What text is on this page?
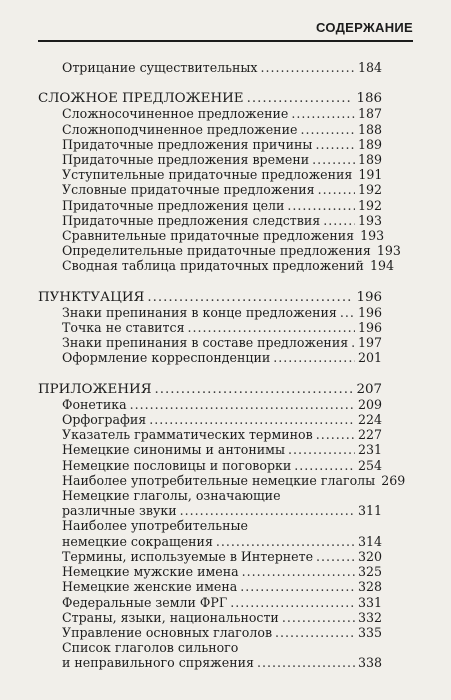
СОДЕРЖАНИЕ
Отрицание существительных .....	184
СЛОЖНОЕ ПРЕДЛОЖЕНИЕ .....	186
Сложносочиненное предложение .....	187
Сложноподчиненное предложение .....	188
Придаточные предложения причины .....	189
Придаточные предложения времени .....	189
Уступительные придаточные предложения 191
Условные придаточные предложения .....	192
Придаточные предложения цели .....	192
Придаточные предложения следствия .....	193
Сравнительные придаточные предложения 193
Определительные придаточные предложения 193
Сводная таблица придаточных предложений 194
ПУНКТУАЦИЯ .....	196
Знаки препинания в конце предложения ..... 196
Точка не ставится .....	196
Знаки препинания в составе предложения ..... 197
Оформление корреспонденции .....	201
ПРИЛОЖЕНИЯ .....	207
Фонетика .....	209
Орфография .....	224
Указатель грамматических терминов .....	227
Немецкие синонимы и антонимы .....	231
Немецкие пословицы и поговорки .....	254
Наиболее употребительные немецкие глаголы 269
Немецкие глаголы, означающие
различные звуки .....	311
Наиболее употребительные
немецкие сокращения .....	314
Термины, используемые в Интернете .....	320
Немецкие мужские имена .....	325
Немецкие женские имена .....	328
Федеральные земли ФРГ .....	331
Страны, языки, национальности .....	332
Управление основных глаголов .....	335
Список глаголов сильного
и неправильного спряжения .....	338
